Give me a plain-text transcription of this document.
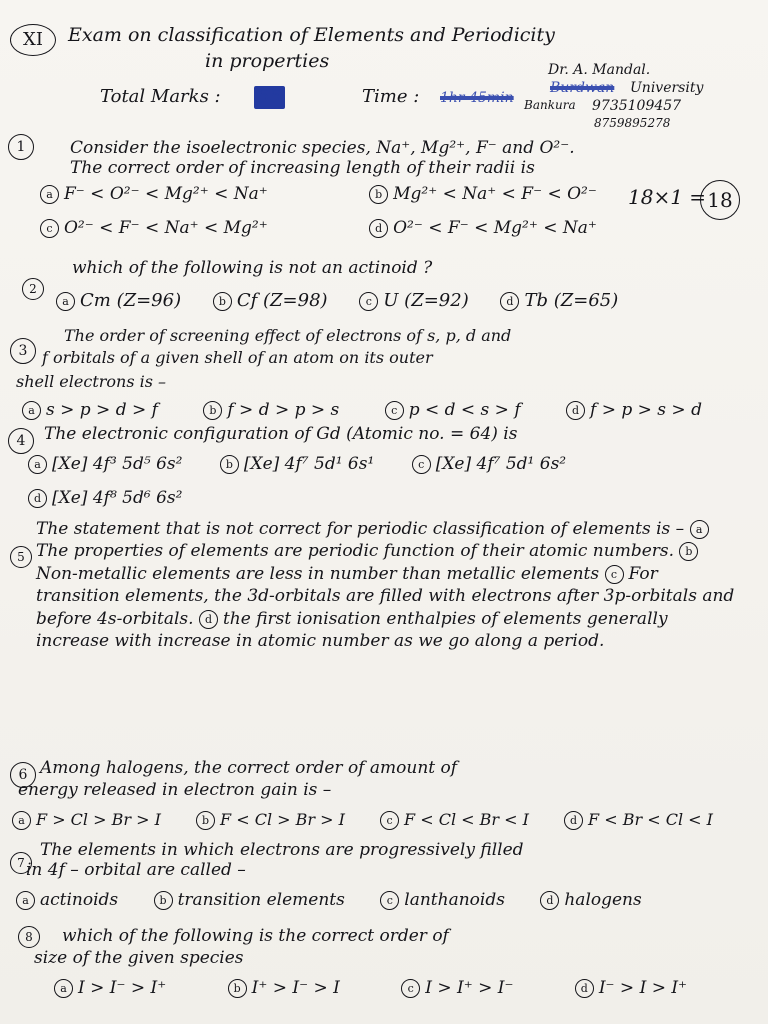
XI	Exam on classification of Elements and Periodicity
in properties
Total Marks : 55	Time : 1hr 45min
Dr. A. Mandal.
Burdwan University
Bankura 9735109457
8759895278
18×1 = 18
1	Consider the isoelectronic species, Na⁺, Mg²⁺, F⁻ and O²⁻.
The correct order of increasing length of their radii is
a F⁻ < O²⁻ < Mg²⁺ < Na⁺	b Mg²⁺ < Na⁺ < F⁻ < O²⁻
c O²⁻ < F⁻ < Na⁺ < Mg²⁺	d O²⁻ < F⁻ < Mg²⁺ < Na⁺
2
which of the following is not an actinoid ?
a Cm (Z=96)	b Cf (Z=98)	c U (Z=92)	d Tb (Z=65)
3
The order of screening effect of electrons of s, p, d and
f orbitals of a given shell of an atom on its outer
shell electrons is –
a s > p > d > f	b f > d > p > s	c p < d < s > f	d f > p > s > d
4	The electronic configuration of Gd (Atomic no. = 64) is
a [Xe] 4f³ 5d⁵ 6s²	b [Xe] 4f⁷ 5d¹ 6s¹	c [Xe] 4f⁷ 5d¹ 6s²
d [Xe] 4f⁸ 5d⁶ 6s²
5
The statement that is not correct for periodic classification of elements is – aThe properties of elements are periodic function of their atomic numbers. bNon-metallic elements are less in number than metallic elements c For transition elements, the 3d-orbitals are filled with electrons after 3p-orbitals and before 4s-orbitals. d the first ionisation enthalpies of elements generally increase with increase in atomic number as we go along a period.
6 Among halogens, the correct order of amount of
energy released in electron gain is –
a F > Cl > Br > I	b F < Cl > Br > I	c F < Cl < Br < I	d F < Br < Cl < I
7
The elements in which electrons are progressively filled
in 4f – orbital are called –
a actinoids	b transition elements	c lanthanoids	d halogens
8	which of the following is the correct order of
size of the given species
a I > I⁻ > I⁺	b I⁺ > I⁻ > I	c I > I⁺ > I⁻	d I⁻ > I > I⁺
